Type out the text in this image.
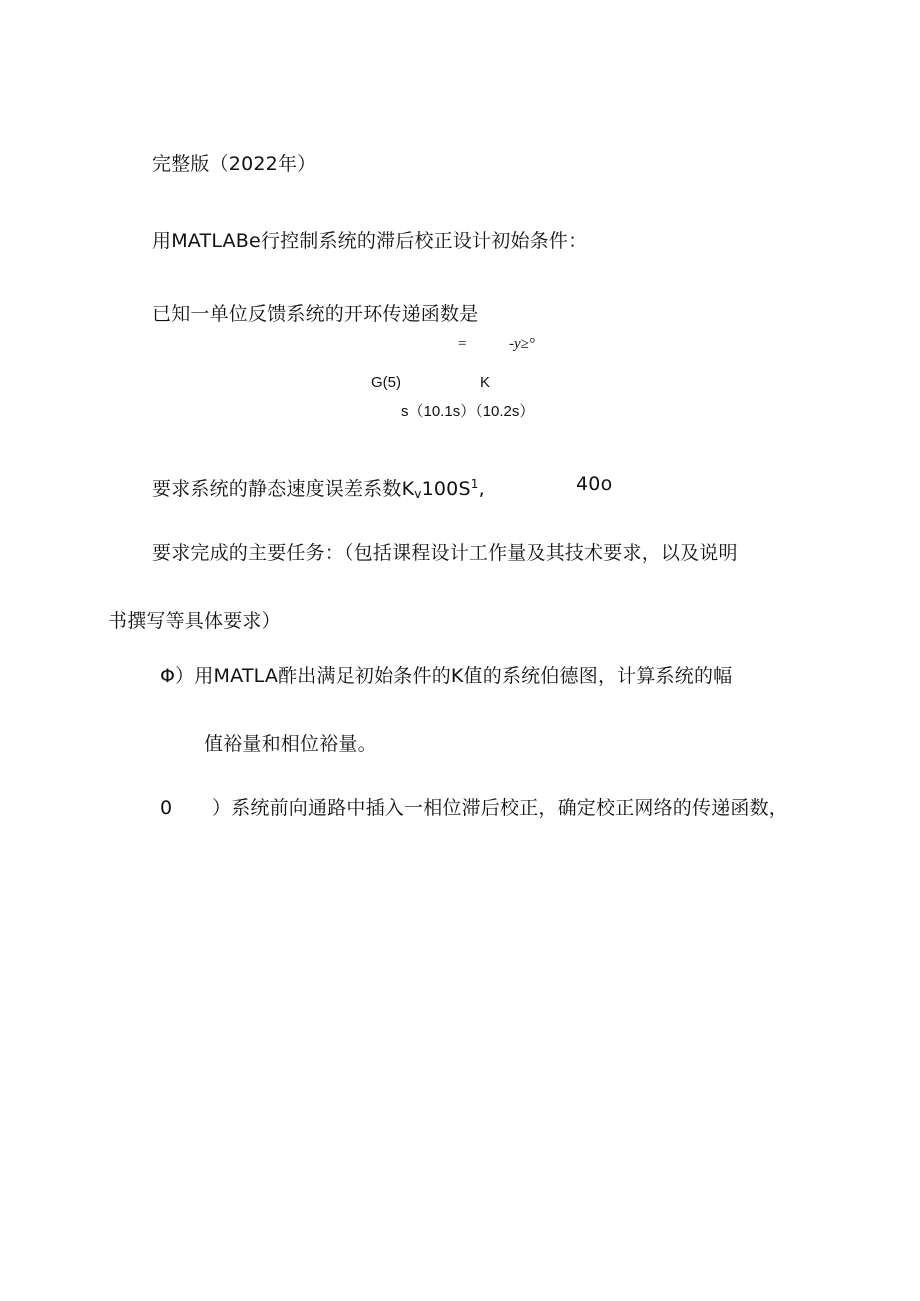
完整版（2022年）
用MATLABe行控制系统的滞后校正设计初始条件：
已知一单位反馈系统的开环传递函数是
=	-y≥°
G(5)	K
s（10.1s）（10.2s）
要求系统的静态速度误差系数$K_v100S^1$,	40o
要求完成的主要任务：（包括课程设计工作量及其技术要求，以及说明
书撰写等具体要求）
Φ）用MATLA酢出满足初始条件的K值的系统伯德图，计算系统的幅
值裕量和相位裕量。
0 ）系统前向通路中插入一相位滞后校正，确定校正网络的传递函数，
